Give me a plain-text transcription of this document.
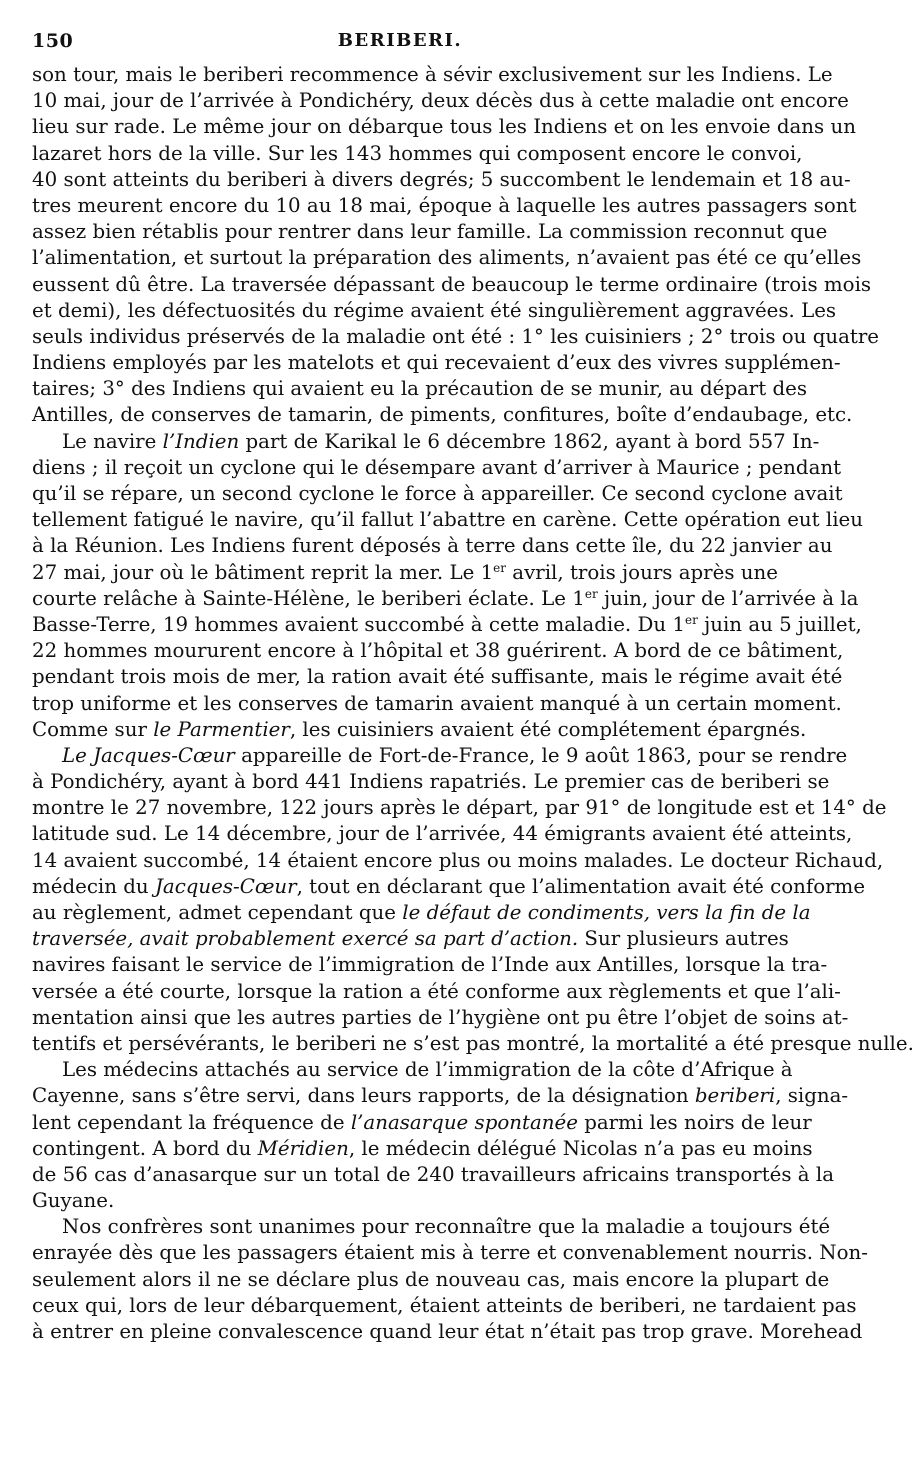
150	BERIBERI.
son tour, mais le beriberi recommence à sévir exclusivement sur les Indiens. Le
10 mai, jour de l’arrivée à Pondichéry, deux décès dus à cette maladie ont encore
lieu sur rade. Le même jour on débarque tous les Indiens et on les envoie dans un
lazaret hors de la ville. Sur les 143 hommes qui composent encore le convoi,
40 sont atteints du beriberi à divers degrés; 5 succombent le lendemain et 18 au-
tres meurent encore du 10 au 18 mai, époque à laquelle les autres passagers sont
assez bien rétablis pour rentrer dans leur famille. La commission reconnut que
l’alimentation, et surtout la préparation des aliments, n’avaient pas été ce qu’elles
eussent dû être. La traversée dépassant de beaucoup le terme ordinaire (trois mois
et demi), les défectuosités du régime avaient été singulièrement aggravées. Les
seuls individus préservés de la maladie ont été : 1° les cuisiniers ; 2° trois ou quatre
Indiens employés par les matelots et qui recevaient d’eux des vivres supplémen-
taires; 3° des Indiens qui avaient eu la précaution de se munir, au départ des
Antilles, de conserves de tamarin, de piments, confitures, boîte d’endaubage, etc.
Le navire l’Indien part de Karikal le 6 décembre 1862, ayant à bord 557 In-
diens ; il reçoit un cyclone qui le désempare avant d’arriver à Maurice ; pendant
qu’il se répare, un second cyclone le force à appareiller. Ce second cyclone avait
tellement fatigué le navire, qu’il fallut l’abattre en carène. Cette opération eut lieu
à la Réunion. Les Indiens furent déposés à terre dans cette île, du 22 janvier au
27 mai, jour où le bâtiment reprit la mer. Le 1er avril, trois jours après une
courte relâche à Sainte-Hélène, le beriberi éclate. Le 1er juin, jour de l’arrivée à la
Basse-Terre, 19 hommes avaient succombé à cette maladie. Du 1er juin au 5 juillet,
22 hommes moururent encore à l’hôpital et 38 guérirent. A bord de ce bâtiment,
pendant trois mois de mer, la ration avait été suffisante, mais le régime avait été
trop uniforme et les conserves de tamarin avaient manqué à un certain moment.
Comme sur le Parmentier, les cuisiniers avaient été complétement épargnés.
Le Jacques-Cœur appareille de Fort-de-France, le 9 août 1863, pour se rendre
à Pondichéry, ayant à bord 441 Indiens rapatriés. Le premier cas de beriberi se
montre le 27 novembre, 122 jours après le départ, par 91° de longitude est et 14° de
latitude sud. Le 14 décembre, jour de l’arrivée, 44 émigrants avaient été atteints,
14 avaient succombé, 14 étaient encore plus ou moins malades. Le docteur Richaud,
médecin du Jacques-Cœur, tout en déclarant que l’alimentation avait été conforme
au règlement, admet cependant que le défaut de condiments, vers la fin de la
traversée, avait probablement exercé sa part d’action. Sur plusieurs autres
navires faisant le service de l’immigration de l’Inde aux Antilles, lorsque la tra-
versée a été courte, lorsque la ration a été conforme aux règlements et que l’ali-
mentation ainsi que les autres parties de l’hygiène ont pu être l’objet de soins at-
tentifs et persévérants, le beriberi ne s’est pas montré, la mortalité a été presque nulle.
Les médecins attachés au service de l’immigration de la côte d’Afrique à
Cayenne, sans s’être servi, dans leurs rapports, de la désignation beriberi, signa-
lent cependant la fréquence de l’anasarque spontanée parmi les noirs de leur
contingent. A bord du Méridien, le médecin délégué Nicolas n’a pas eu moins
de 56 cas d’anasarque sur un total de 240 travailleurs africains transportés à la
Guyane.
Nos confrères sont unanimes pour reconnaître que la maladie a toujours été
enrayée dès que les passagers étaient mis à terre et convenablement nourris. Non-
seulement alors il ne se déclare plus de nouveau cas, mais encore la plupart de
ceux qui, lors de leur débarquement, étaient atteints de beriberi, ne tardaient pas
à entrer en pleine convalescence quand leur état n’était pas trop grave. Morehead
